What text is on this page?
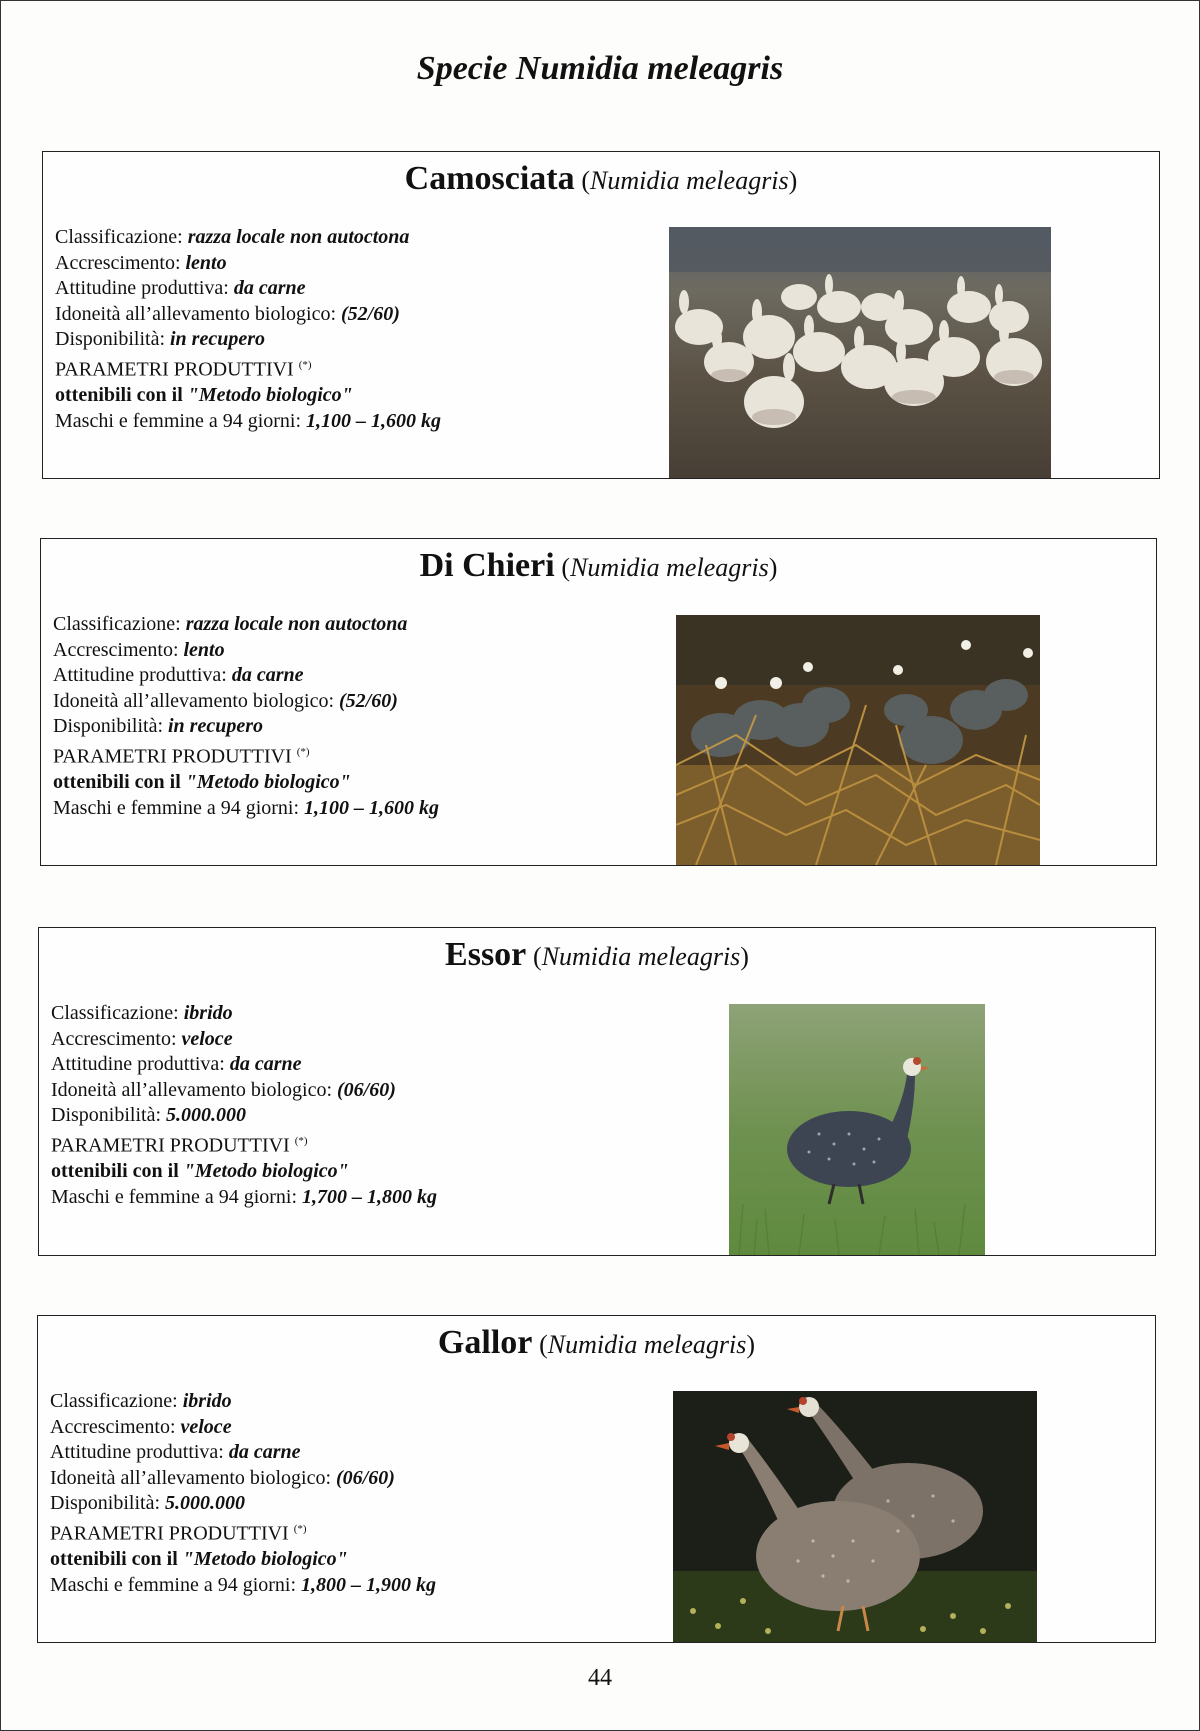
Specie Numidia meleagris
Camosciata (Numidia meleagris)
Classificazione: razza locale non autoctona
Accrescimento: lento
Attitudine produttiva: da carne
Idoneità all’allevamento biologico: (52/60)
Disponibilità: in recupero
PARAMETRI PRODUTTIVI (*)
ottenibili con il "Metodo biologico"
Maschi e femmine a 94 giorni: 1,100 – 1,600 kg
Di Chieri (Numidia meleagris)
Classificazione: razza locale non autoctona
Accrescimento: lento
Attitudine produttiva: da carne
Idoneità all’allevamento biologico: (52/60)
Disponibilità: in recupero
PARAMETRI PRODUTTIVI (*)
ottenibili con il "Metodo biologico"
Maschi e femmine a 94 giorni: 1,100 – 1,600 kg
Essor (Numidia meleagris)
Classificazione: ibrido
Accrescimento: veloce
Attitudine produttiva: da carne
Idoneità all’allevamento biologico: (06/60)
Disponibilità: 5.000.000
PARAMETRI PRODUTTIVI (*)
ottenibili con il "Metodo biologico"
Maschi e femmine a 94 giorni: 1,700 – 1,800 kg
Gallor (Numidia meleagris)
Classificazione: ibrido
Accrescimento: veloce
Attitudine produttiva: da carne
Idoneità all’allevamento biologico: (06/60)
Disponibilità: 5.000.000
PARAMETRI PRODUTTIVI (*)
ottenibili con il "Metodo biologico"
Maschi e femmine a 94 giorni: 1,800 – 1,900 kg
44
